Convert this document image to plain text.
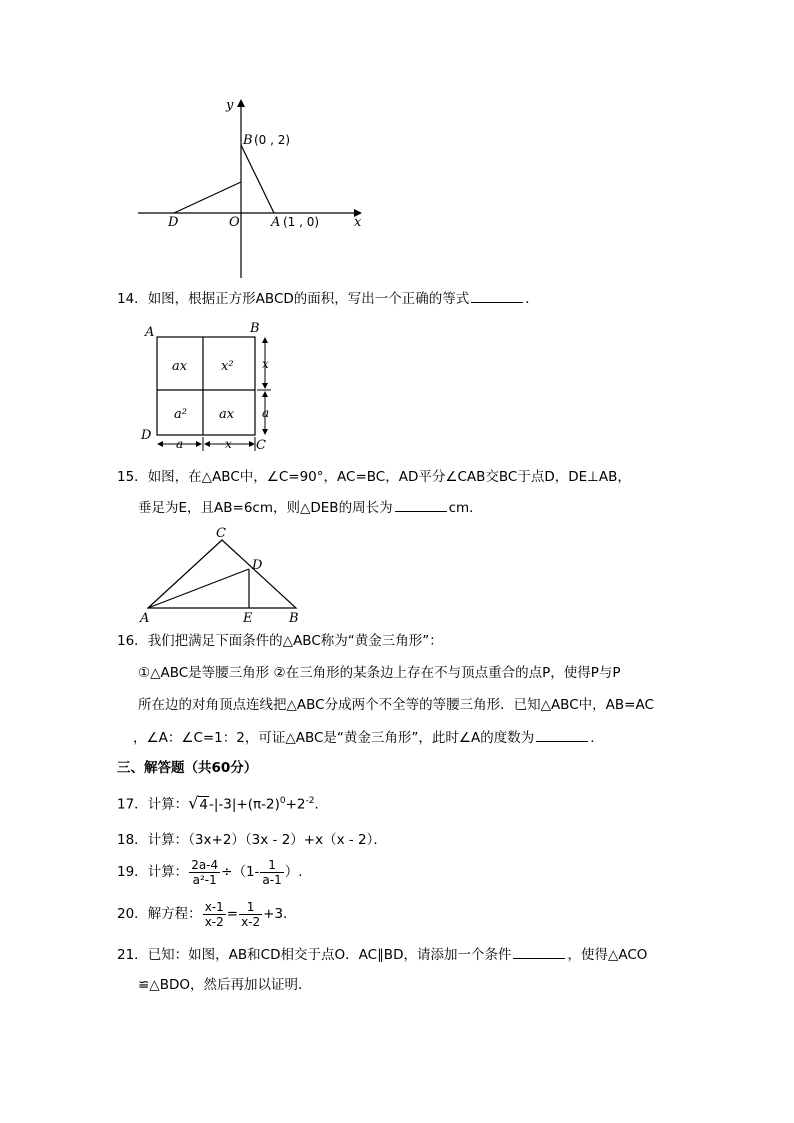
y
x
O
B (0 , 2)
A (1 , 0)
D
14．如图，根据正方形ABCD的面积，写出一个正确的等式	．
A	B
C
D
ax	x²
a² ax
x
a
a	x
15．如图，在△ABC中，∠C=90°，AC=BC，AD平分∠CAB交BC于点D，DE⊥AB，
垂足为E，且AB=6cm，则△DEB的周长为	cm．
C
D
A	E	B
16．我们把满足下面条件的△ABC称为“黄金三角形”：
①△ABC是等腰三角形 ②在三角形的某条边上存在不与顶点重合的点P，使得P与P
所在边的对角顶点连线把△ABC分成两个不全等的等腰三角形．已知△ABC中，AB=AC
，∠A：∠C=1：2，可证△ABC是“黄金三角形”，此时∠A的度数为	．
三、解答题（共60分）
17．计算：$√4-|-3|+(\pi-2)^0+2^{-2}$.
18．计算：（3x+2）（3x - 2）+x（x - 2）．
19．计算： $\frac{2a-4}{\text{a²-1}} \div(1- \frac{1}{a-1}$ ）.
20．解方程： $\frac{x-1}{x-2} = \frac{1}{x-2} +3$.
21．已知：如图，AB和CD相交于点O．AC∥BD，请添加一个条件	，使得△ACO
≌△BDO，然后再加以证明．
